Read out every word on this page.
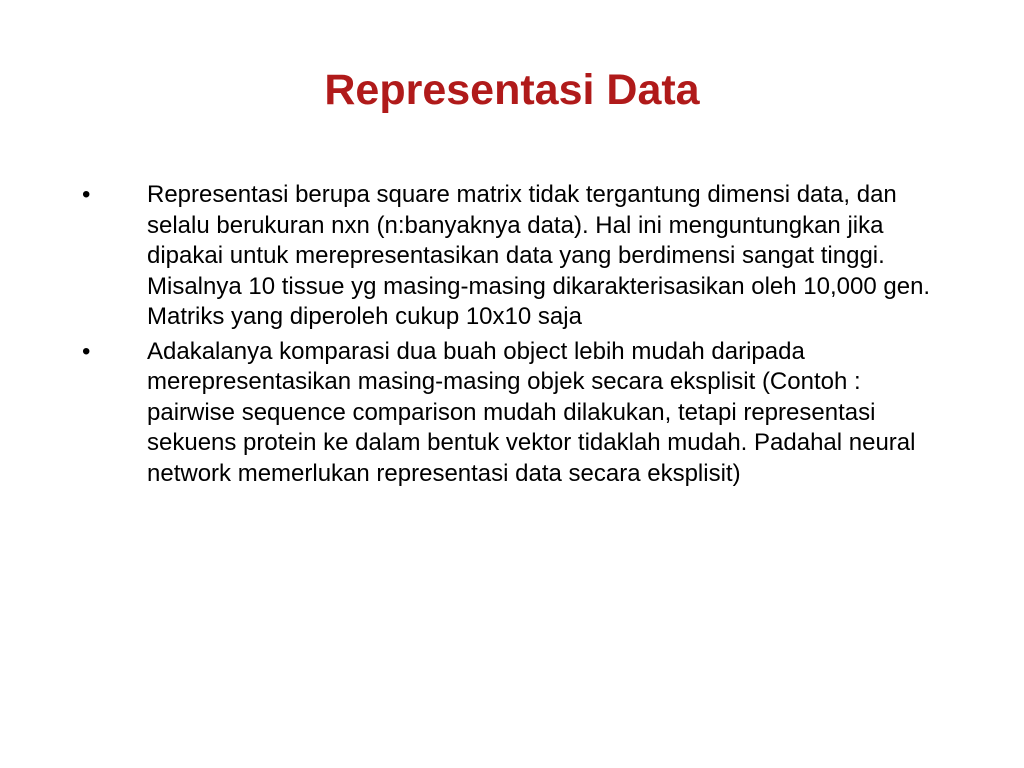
Representasi Data
• Representasi berupa square matrix tidak tergantung dimensi data, dan selalu berukuran nxn (n:banyaknya data). Hal ini menguntungkan jika dipakai untuk merepresentasikan data yang berdimensi sangat tinggi. Misalnya 10 tissue yg masing-masing dikarakterisasikan oleh 10,000 gen. Matriks yang diperoleh cukup 10x10 saja
• Adakalanya komparasi dua buah object lebih mudah daripada merepresentasikan masing-masing objek secara eksplisit (Contoh : pairwise sequence comparison mudah dilakukan, tetapi representasi sekuens protein ke dalam bentuk vektor tidaklah mudah. Padahal neural network memerlukan representasi data secara eksplisit)
